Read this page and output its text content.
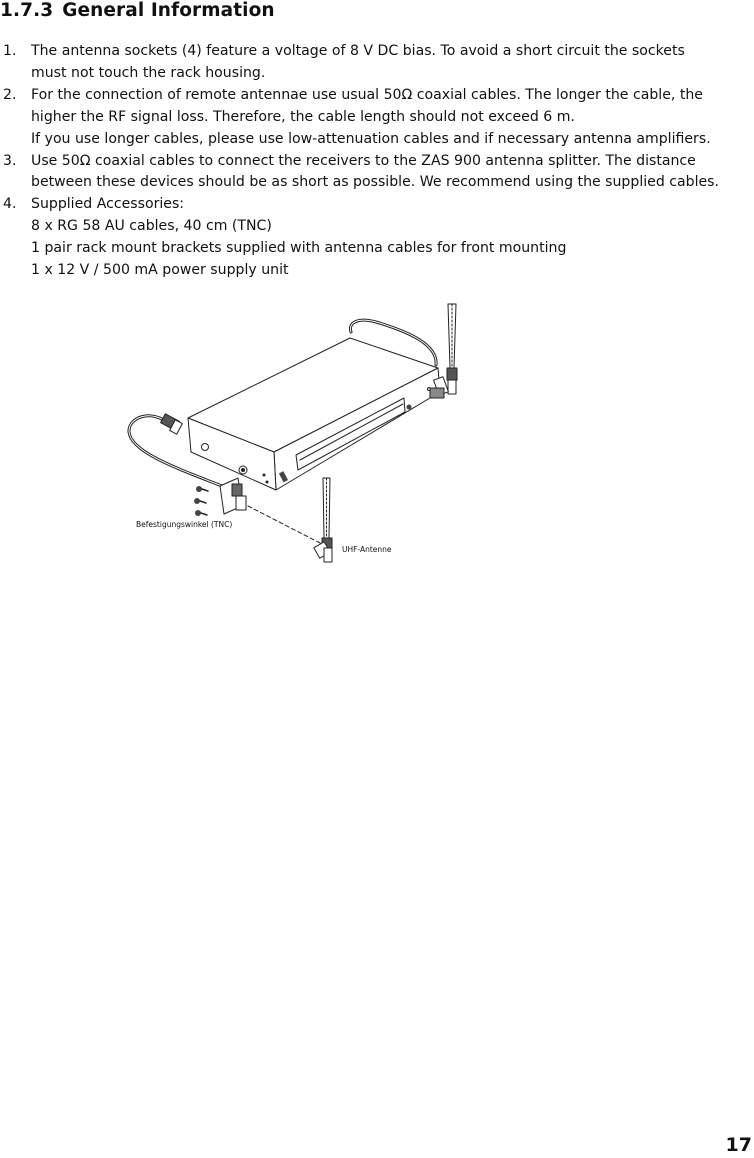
1.7.3 General Information
1.	The antenna sockets (4) feature a voltage of 8 V DC bias. To avoid a short circuit the sockets
must not touch the rack housing.
2.	For the connection of remote antennae use usual 50Ω coaxial cables. The longer the cable, the
higher the RF signal loss. Therefore, the cable length should not exceed 6 m.
If you use longer cables, please use low-attenuation cables and if necessary antenna amplifiers.
3.	Use 50Ω coaxial cables to connect the receivers to the ZAS 900 antenna splitter. The distance
between these devices should be as short as possible. We recommend using the supplied cables.
4.	Supplied Accessories:
8 x RG 58 AU cables, 40 cm (TNC)
1 pair rack mount brackets supplied with antenna cables for front mounting
1 x 12 V / 500 mA power supply unit
Befestigungswinkel (TNC)
UHF-Antenne
17
